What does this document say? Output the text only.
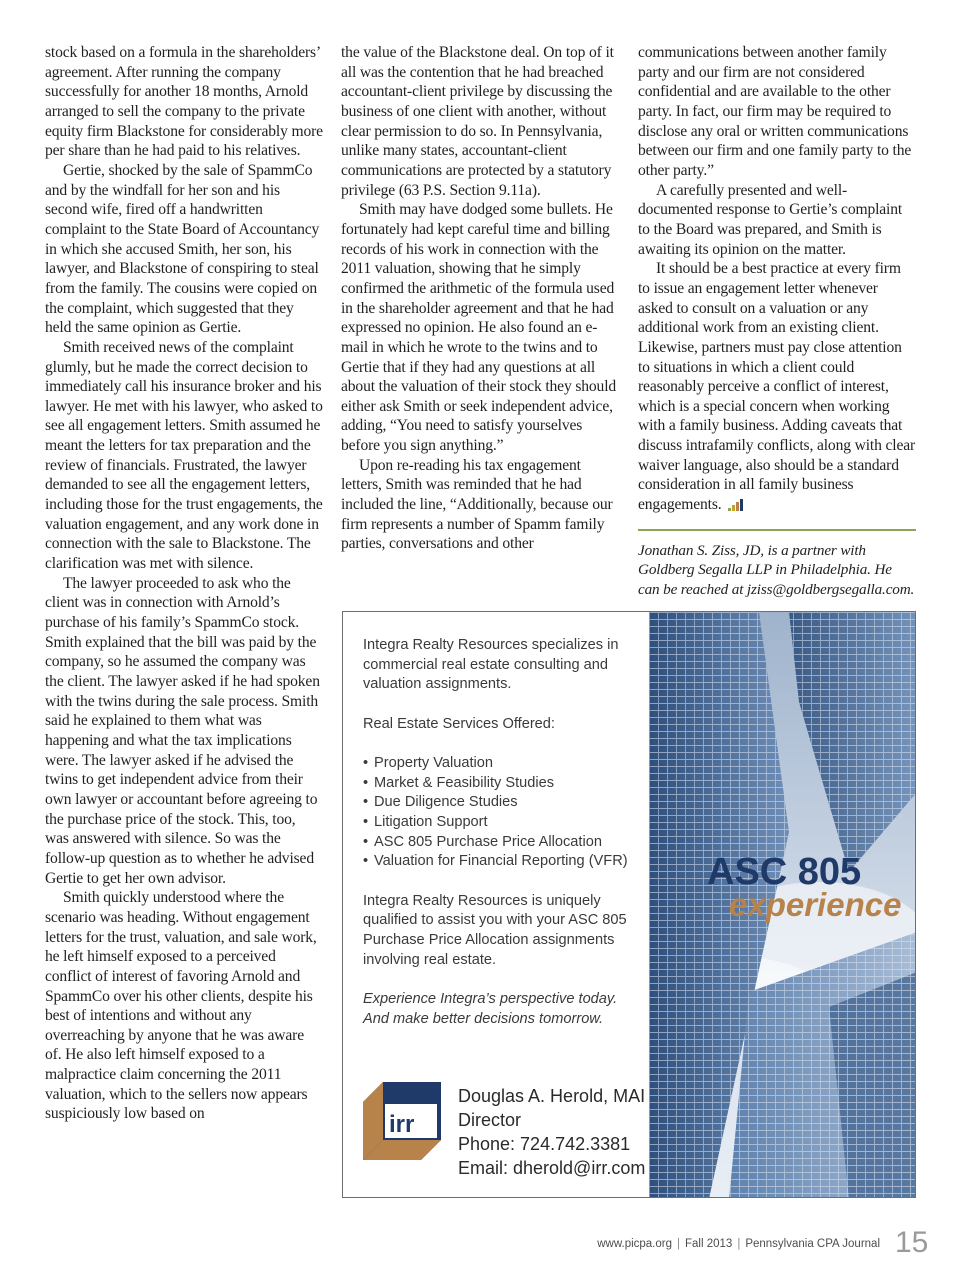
stock based on a formula in the shareholders’ agreement. After running the company successfully for another 18 months, Arnold arranged to sell the company to the private equity firm Blackstone for considerably more per share than he had paid to his relatives.

Gertie, shocked by the sale of SpammCo and by the windfall for her son and his second wife, fired off a handwritten complaint to the State Board of Accountancy in which she accused Smith, her son, his lawyer, and Blackstone of conspiring to steal from the family. The cousins were copied on the complaint, which suggested that they held the same opinion as Gertie.

Smith received news of the complaint glumly, but he made the correct decision to immediately call his insurance broker and his lawyer. He met with his lawyer, who asked to see all engagement letters. Smith assumed he meant the letters for tax preparation and the review of financials. Frustrated, the lawyer demanded to see all the engagement letters, including those for the trust engagements, the valuation engagement, and any work done in connection with the sale to Blackstone. The clarification was met with silence.

The lawyer proceeded to ask who the client was in connection with Arnold’s purchase of his family’s SpammCo stock. Smith explained that the bill was paid by the company, so he assumed the company was the client. The lawyer asked if he had spoken with the twins during the sale process. Smith said he explained to them what was happening and what the tax implications were. The lawyer asked if he advised the twins to get independent advice from their own lawyer or accountant before agreeing to the purchase price of the stock. This, too, was answered with silence. So was the follow-up question as to whether he advised Gertie to get her own advisor.

Smith quickly understood where the scenario was heading. Without engagement letters for the trust, valuation, and sale work, he left himself exposed to a perceived conflict of interest of favoring Arnold and SpammCo over his other clients, despite his best of intentions and without any overreaching by anyone that he was aware of. He also left himself exposed to a malpractice claim concerning the 2011 valuation, which to the sellers now appears suspiciously low based on

the value of the Blackstone deal. On top of it all was the contention that he had breached accountant-client privilege by discussing the business of one client with another, without clear permission to do so. In Pennsylvania, unlike many states, accountant-client communications are protected by a statutory privilege (63 P.S. Section 9.11a).

Smith may have dodged some bullets. He fortunately had kept careful time and billing records of his work in connection with the 2011 valuation, showing that he simply confirmed the arithmetic of the formula used in the shareholder agreement and that he had expressed no opinion. He also found an e-mail in which he wrote to the twins and to Gertie that if they had any questions at all about the valuation of their stock they should either ask Smith or seek independent advice, adding, “You need to satisfy yourselves before you sign anything.”

Upon re-reading his tax engagement letters, Smith was reminded that he had included the line, “Additionally, because our firm represents a number of Spamm family parties, conversations and other

communications between another family party and our firm are not considered confidential and are available to the other party. In fact, our firm may be required to disclose any oral or written communications between our firm and one family party to the other party.”

A carefully presented and well-documented response to Gertie’s complaint to the Board was prepared, and Smith is awaiting its opinion on the matter.

It should be a best practice at every firm to issue an engagement letter whenever asked to consult on a valuation or any additional work from an existing client. Likewise, partners must pay close attention to situations in which a client could reasonably perceive a conflict of interest, which is a special concern when working with a family business. Adding caveats that discuss intrafamily conflicts, along with clear waiver language, also should be a standard consideration in all family business engagements.

Jonathan S. Ziss, JD, is a partner with Goldberg Segalla LLP in Philadelphia. He can be reached at jziss@goldbergsegalla.com.

Integra Realty Resources specializes in commercial real estate consulting and valuation assignments.

Real Estate Services Offered:

• Property Valuation
• Market & Feasibility Studies
• Due Diligence Studies
• Litigation Support
• ASC 805 Purchase Price Allocation
• Valuation for Financial Reporting (VFR)

Integra Realty Resources is uniquely qualified to assist you with your ASC 805 Purchase Price Allocation assignments involving real estate.

Experience Integra’s perspective today.

And make better decisions tomorrow.

ASC 805
experience
irr
Douglas A. Herold, MAI
Director
Phone: 724.742.3381
Email: dherold@irr.com
www.picpa.org | Fall 2013 | Pennsylvania CPA Journal 15
